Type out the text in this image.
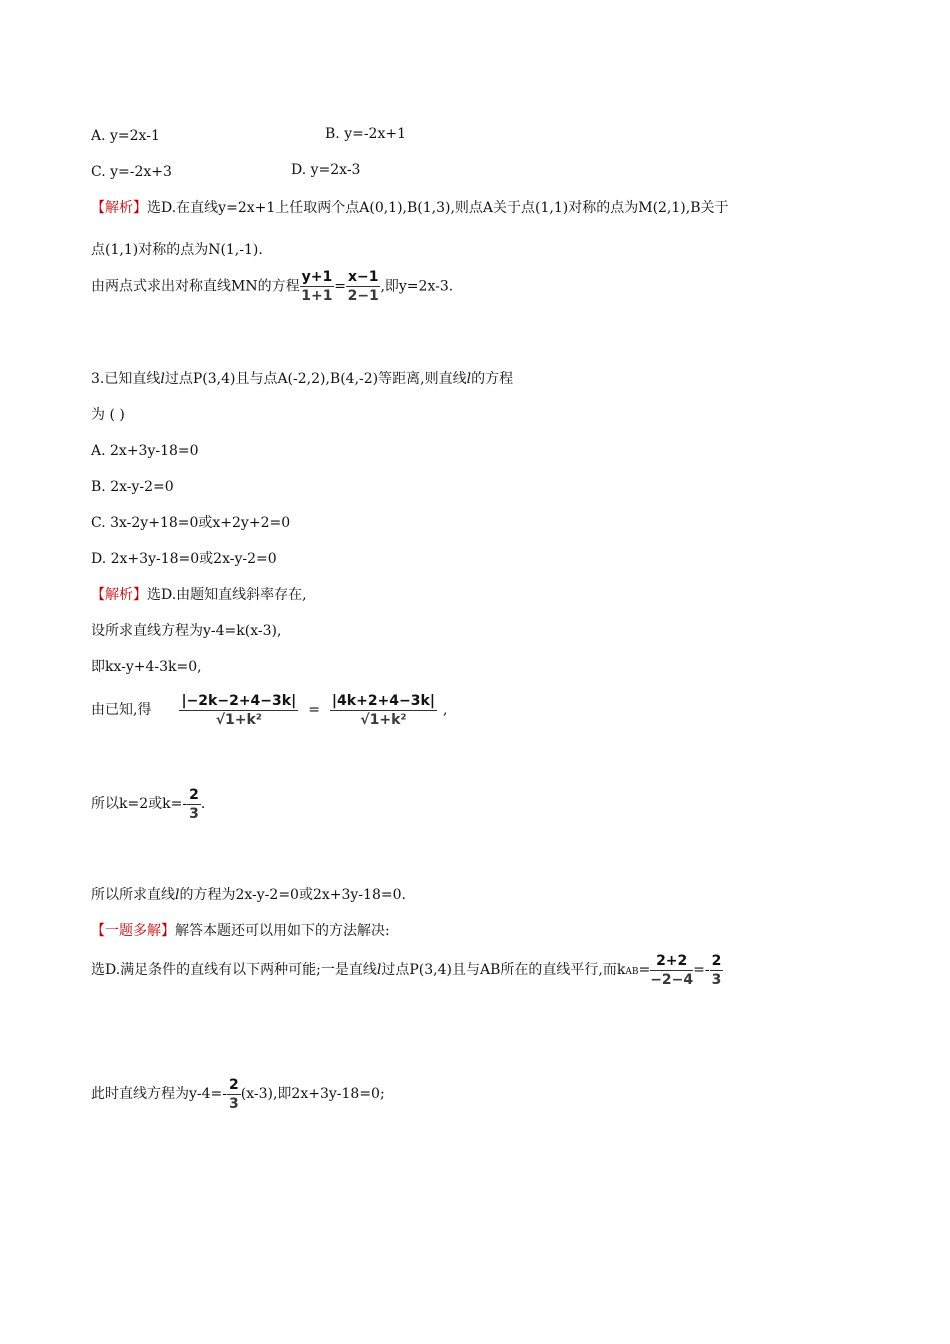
A. y=2x-1	B. y=-2x+1
C. y=-2x+3	D. y=2x-3
【解析】选D.在直线y=2x+1上任取两个点A(0,1),B(1,3),则点A关于点(1,1)对称的点为M(2,1),B关于
点(1,1)对称的点为N(1,-1).
由两点式求出对称直线MN的方程 $\frac{y+1}{1+1} = \frac{x-1}{2-1}$ ,即y=2x-3.
3.已知直线l过点P(3,4)且与点A(-2,2),B(4,-2)等距离,则直线l的方程
为 ( )
A. 2x+3y-18=0
B. 2x-y-2=0
C. 3x-2y+18=0或x+2y+2=0
D. 2x+3y-18=0或2x-y-2=0
【解析】选D.由题知直线斜率存在,
设所求直线方程为y-4=k(x-3),
即kx-y+4-3k=0,
由已知,得 $\frac{|-2k-2+4-3k|}{\text{√1+k²}} = \frac{|4k+2+4-3k|}{\text{√1+k²}}$ ,
所以k=2或$k=- \frac{2}{3}$ .
所以所求直线l的方程为2x-y-2=0或2x+3y-18=0.
【一题多解】解答本题还可以用如下的方法解决:
选D.满足条件的直线有以下两种可能;一是直线l过点P(3,4)且与AB所在的直线平行,而$kAB= \frac{2+2}{-2-4} =- \frac{2}{3}$
此时直线方程为$y-4=- \frac{2}{3} (x-3)$,即2x+3y-18=0;
